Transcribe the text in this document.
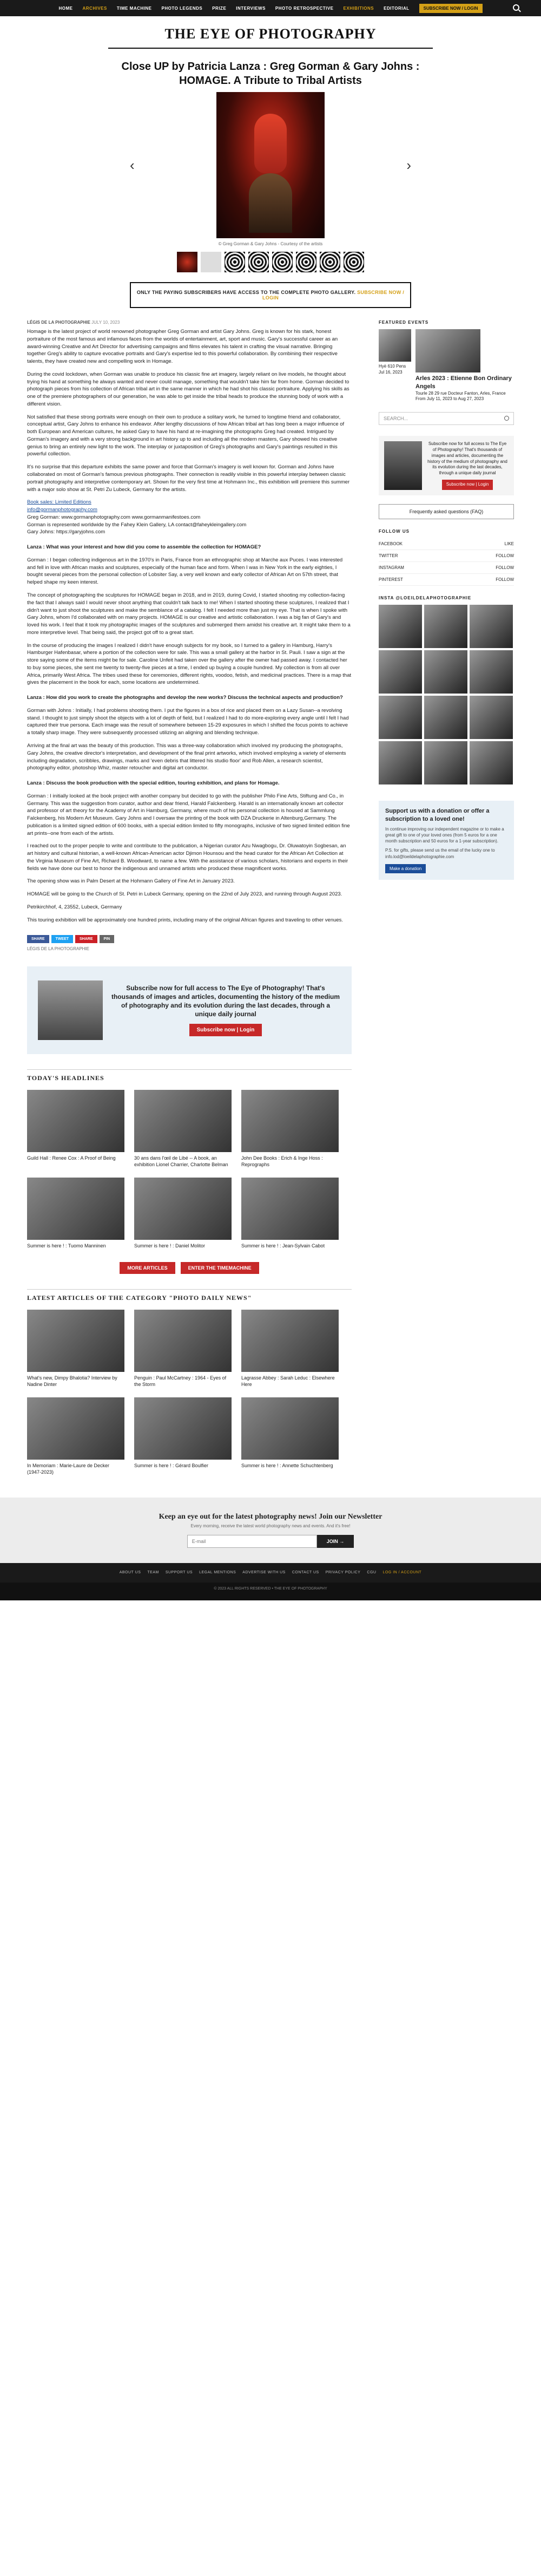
HOME ARCHIVES TIME MACHINE PHOTO LEGENDS PRIZE INTERVIEWS PHOTO RETROSPECTIVE EXHIBITIONS EDITORIAL	SUBSCRIBE NOW / LOGIN
THE EYE OF PHOTOGRAPHY
Close UP by Patricia Lanza : Greg Gorman & Gary Johns : HOMAGE. A Tribute to Tribal Artists
‹	›
© Greg Gorman & Gary Johns - Courtesy of the artists
ONLY THE PAYING SUBSCRIBERS HAVE ACCESS TO THE COMPLETE PHOTO GALLERY. SUBSCRIBE NOW / LOGIN
LÉGIS DE LA PHOTOGRAPHIE JULY 10, 2023

Homage is the latest project of world renowned photographer Greg Gorman and artist Gary Johns. Greg is known for his stark, honest portraiture of the most famous and infamous faces from the worlds of entertainment, art, sport and music. Gary's successful career as an award-winning Creative and Art Director for advertising campaigns and films elevates his talent in crafting the visual narrative. Bringing together Greg's ability to capture evocative portraits and Gary's expertise led to this powerful collaboration. By combining their respective talents, they have created new and compelling work in Homage.

During the covid lockdown, when Gorman was unable to produce his classic fine art imagery, largely reliant on live models, he thought about trying his hand at something he always wanted and never could manage, something that wouldn't take him far from home. Gorman decided to photograph pieces from his collection of African tribal art in the same manner in which he had shot his classic portraiture. Applying his skills as one of the premiere photographers of our generation, he was able to get inside the tribal heads to produce the stunning body of work with a different vision.

Not satisfied that these strong portraits were enough on their own to produce a solitary work, he turned to longtime friend and collaborator, conceptual artist, Gary Johns to enhance his endeavor. After lengthy discussions of how African tribal art has long been a major influence of both European and American cultures, he asked Gary to have his hand at re-imagining the photographs Greg had created. Intrigued by Gorman's imagery and with a very strong background in art history up to and including all the modern masters, Gary showed his creative genius to bring an entirely new light to the work. The interplay or juxtaposition of Greg's photographs and Gary's paintings resulted in this powerful collection.

It's no surprise that this departure exhibits the same power and force that Gorman's imagery is well known for. Gorman and Johns have collaborated on most of Gorman's famous previous photographs. Their connection is readily visible in this powerful interplay between classic portrait photography and interpretive contemporary art. Shown for the very first time at Hohmann Inc., this exhibition will premiere this summer with a major solo show at St. Petri Zu Lubeck, Germany for the artists.

Book sales: Limited Editions
info@gormanphotography.com
Greg Gorman: www.gormanphotography.com www.gormanmanifestoes.com
Gorman is represented worldwide by the Fahey Klein Gallery, LA contact@faheykleingallery.com
Gary Johns: https://garyjohns.com

Lanza : What was your interest and how did you come to assemble the collection for HOMAGE?

Gorman : I began collecting indigenous art in the 1970's in Paris, France from an ethnographic shop at Marche aux Puces. I was interested and fell in love with African masks and sculptures, especially of the human face and form. When I was in New York in the early eighties, I bought several pieces from the personal collection of Lobsiter Say, a very well known and early collector of African Art on 57th street, that helped shape my keen interest.

The concept of photographing the sculptures for HOMAGE began in 2018, and in 2019, during Covid, I started shooting my collection-facing the fact that I always said I would never shoot anything that couldn't talk back to me! When I started shooting these sculptures, I realized that I didn't want to just shoot the sculptures and make the semblance of a catalog. I felt I needed more than just my eye. That is when I spoke with Gary Johns, whom I'd collaborated with on many projects. HOMAGE is our creative and artistic collaboration. I was a big fan of Gary's and loved his work. I feel that it took my photographic images of the sculptures and submerged them amidst his creative art. It might take them to a more interpretive level. That being said, the project got off to a great start.

In the course of producing the images I realized I didn't have enough subjects for my book, so I turned to a gallery in Hamburg, Harry's Hamburger Hafenbasar, where a portion of the collection were for sale. This was a small gallery at the harbor in St. Pauli. I saw a sign at the store saying some of the items might be for sale. Caroline Unfeit had taken over the gallery after the owner had passed away. I contacted her to buy some pieces, she sent me twenty to twenty-five pieces at a time, I ended up buying a couple hundred. My collection is from all over Africa, primarily West Africa. The tribes used these for ceremonies, different rights, voodoo, fetish, and medicinal practices. There is a map that gives the placement in the book for each, some locations are undetermined.

Lanza : How did you work to create the photographs and develop the new works? Discuss the technical aspects and production?

Gorman with Johns : Initially, I had problems shooting them. I put the figures in a box of rice and placed them on a Lazy Susan--a revolving stand. I thought to just simply shoot the objects with a lot of depth of field, but I realized I had to do more-exploring every angle until I felt I had captured their true persona. Each image was the result of somewhere between 15-29 exposures in which I shifted the focus points to achieve a totally sharp image. They were subsequently processed utilizing an aligning and blending technique.

Arriving at the final art was the beauty of this production. This was a three-way collaboration which involved my producing the photographs, Gary Johns, the creative director's interpretation, and development of the final print artworks, which involved employing a variety of elements including degradation, scribbles, drawings, marks and 'even debris that littered his studio floor' and Rob Allen, a research scientist, photography editor, photoshop Whiz, master retoucher and digital art conductor.

Lanza : Discuss the book production with the special edition, touring exhibition, and plans for Homage.

Gorman : I initially looked at the book project with another company but decided to go with the publisher Philo Fine Arts, Stiftung and Co., in Germany. This was the suggestion from curator, author and dear friend, Harald Falckenberg. Harald is an internationally known art collector and professor of art theory for the Academy of Art in Hamburg, Germany, where much of his personal collection is housed at Sammlung Falckenberg, his Modern Art Museum. Gary Johns and I oversaw the printing of the book with DZA Druckerie in Altenburg,Germany. The publication is a limited signed edition of 600 books, with a special edition limited to fifty monographs, inclusive of two signed limited edition fine art prints--one from each of the artists.

I reached out to the proper people to write and contribute to the publication, a Nigerian curator Azu Nwagbogu, Dr. Oluwatoyin Sogbesan, an art history and cultural historian, a well-known African-American actor Djimon Hounsou and the head curator for the African Art Collection at the Virginia Museum of Fine Art, Richard B. Woodward, to name a few. With the assistance of various scholars, historians and experts in their fields we have done our best to honor the indigenous and unnamed artists who produced these magnificent works.

The opening show was in Palm Desert at the Hohmann Gallery of Fine Art in January 2023.

HOMAGE will be going to the Church of St. Petri in Lubeck Germany, opening on the 22nd of July 2023, and running through August 2023.

Petrikirchhof, 4, 23552, Lubeck, Germany

This touring exhibition will be approximately one hundred prints, including many of the original African figures and traveling to other venues.

SHARE	TWEET	SHARE	PIN
LÉGIS DE LA PHOTOGRAPHIE
Subscribe now for full access to The Eye of Photography! That's thousands of images and articles, documenting the history of the medium of photography and its evolution during the last decades, through a unique daily journal
Subscribe now | Login
TODAY'S HEADLINES
Guild Hall : Renee Cox : A Proof of Being	30 ans dans l'œil de Libé -- A book, an exhibition Lionel Charrier, Charlotte Belman
John Dee Books : Erich & Inge Hoss : Reprographs
Summer is here ! : Tuomo Manninen	Summer is here ! : Daniel Molitor	Summer is here ! : Jean-Sylvain Cabot
MORE ARTICLES	ENTER THE TIMEMACHINE
LATEST ARTICLES OF THE CATEGORY "PHOTO DAILY NEWS"
What's new, Dimpy Bhalotia? Interview by Nadine Dinter
Penguin : Paul McCartney : 1964 - Eyes of the Storm
Lagrasse Abbey : Sarah Leduc : Elsewhere Here
In Memoriam : Marie-Laure de Decker (1947-2023)
Summer is here ! : Gérard Boulfier	Summer is here ! : Annette Schuchtenberg
FEATURED EVENTS
Hyè 610 Pens
Jul 16, 2023
Arles 2023 : Etienne Bon Ordinary Angels
Tourle 28 29 rue Docteur Fanton, Arles, France From July 11, 2023 to Aug 27, 2023
SEARCH...
Subscribe now for full access to The Eye of Photography! That's thousands of images and articles, documenting the history of the medium of photography and its evolution during the last decades, through a unique daily journal
Subscribe now | Login
Frequently asked questions (FAQ)
FOLLOW US
FACEBOOK	LIKE
TWITTER	FOLLOW
INSTAGRAM	FOLLOW
PINTEREST	FOLLOW
INSTA @LOEILDELAPHOTOGRAPHIE
Support us with a donation or offer a subscription to a loved one!
In continue improving our independent magazine or to make a great gift to one of your loved ones (from 5 euros for a one month subscription and 50 euros for a 1-year subscription).
P.S. for gifts, please send us the email of the lucky one to info.lod@loeildelaphotographie.com
Make a donation
Keep an eye out for the latest photography news! Join our Newsletter
Every morning, receive the latest world photography news and events. And it's free!
E-mail
JOIN →
ABOUT US TEAM SUPPORT US LEGAL MENTIONS ADVERTISE WITH US CONTACT US PRIVACY POLICY CGU LOG IN / ACCOUNT
© 2023 ALL RIGHTS RESERVED • THE EYE OF PHOTOGRAPHY
